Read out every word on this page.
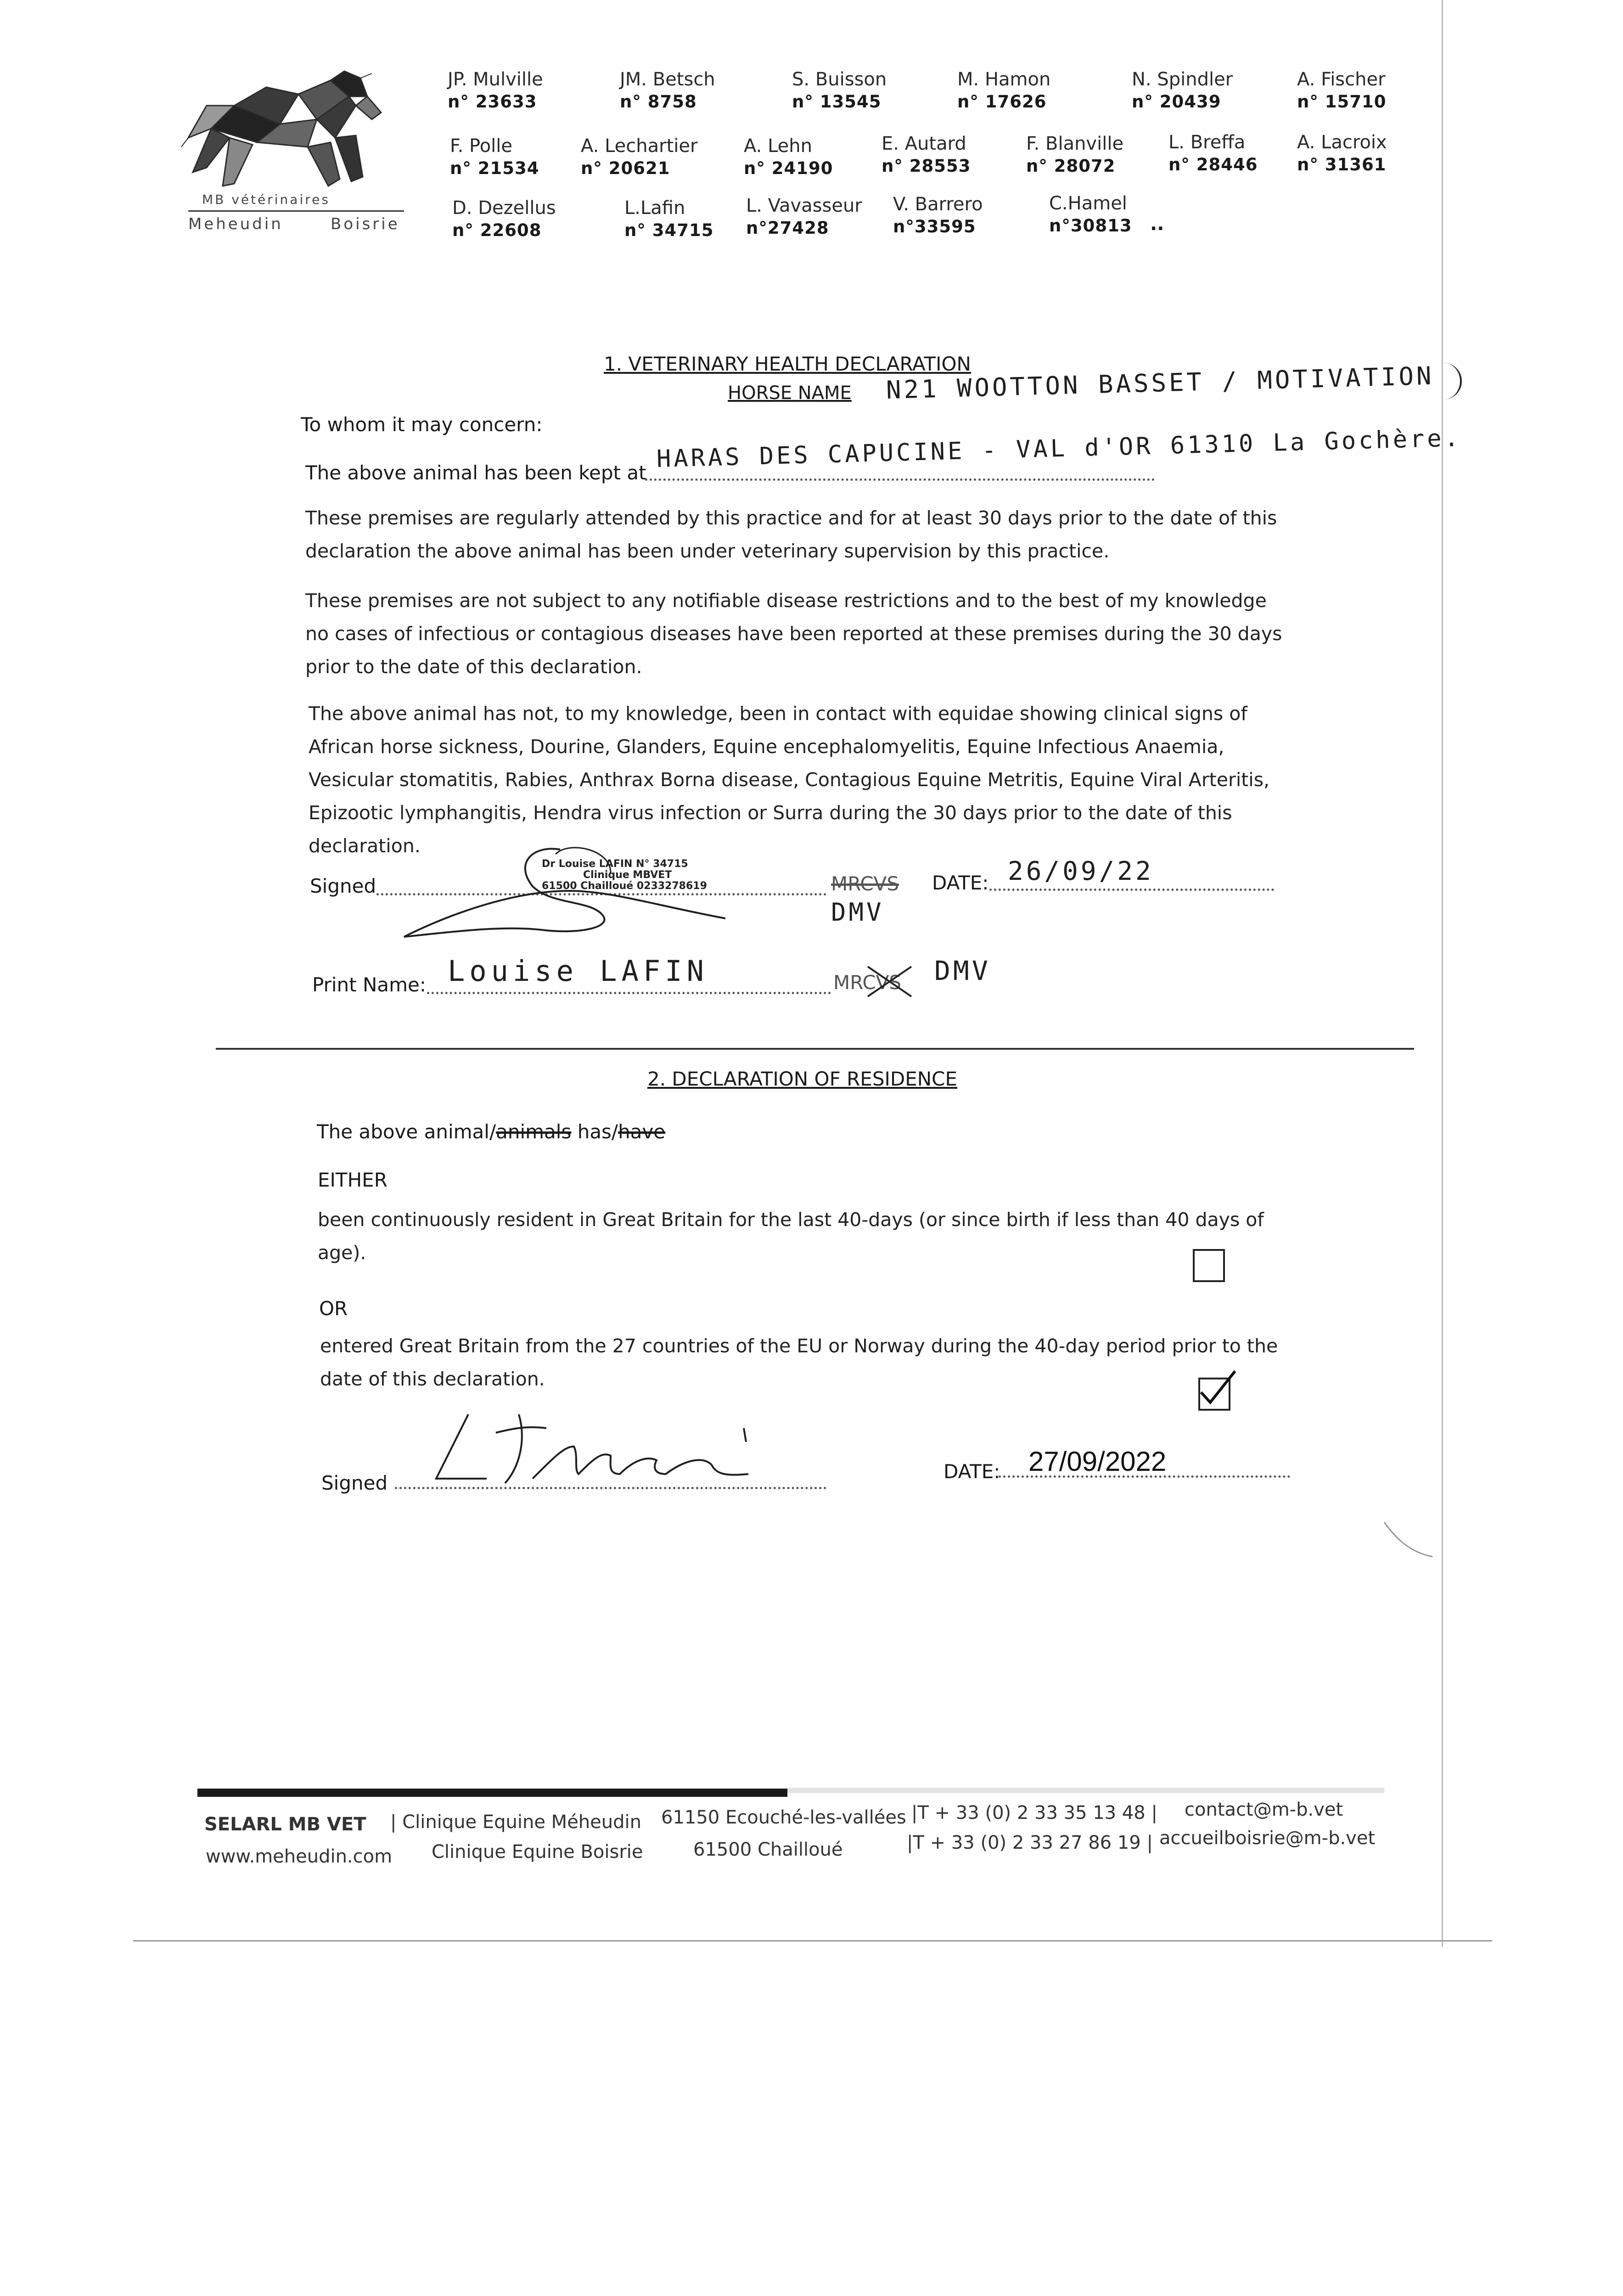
MB vétérinaires
Meheudin	Boisrie
JP. Mulville
n° 23633
JM. Betsch
n° 8758
S. Buisson
n° 13545
M. Hamon
n° 17626
N. Spindler
n° 20439
A. Fischer
n° 15710
F. Polle
n° 21534
A. Lechartier
n° 20621
A. Lehn
n° 24190
E. Autard
n° 28553
F. Blanville
n° 28072
L. Breffa
n° 28446
A. Lacroix
n° 31361
D. Dezellus
n° 22608
L.Lafin
n° 34715
L. Vavasseur
n°27428
V. Barrero
n°33595
C.Hamel
n°30813 ..
1. VETERINARY HEALTH DECLARATION
HORSE NAME N21 WOOTTON BASSET / MOTIVATION
To whom it may concern:
The above animal has been kept at HARAS DES CAPUCINE - VAL d'OR 61310 La Gochère.
These premises are regularly attended by this practice and for at least 30 days prior to the date of this declaration the above animal has been under veterinary supervision by this practice.
These premises are not subject to any notifiable disease restrictions and to the best of my knowledge no cases of infectious or contagious diseases have been reported at these premises during the 30 days prior to the date of this declaration.
The above animal has not, to my knowledge, been in contact with equidae showing clinical signs of African horse sickness, Dourine, Glanders, Equine encephalomyelitis, Equine Infectious Anaemia, Vesicular stomatitis, Rabies, Anthrax Borna disease, Contagious Equine Metritis, Equine Viral Arteritis, Epizootic lymphangitis, Hendra virus infection or Surra during the 30 days prior to the date of this declaration.
Signed
Dr Louise LAFIN N° 34715
Clinique MBVET
61500 Chailloué 0233278619	MRCVS
DMV
DATE: 26/09/22
Print Name: Louise LAFIN	MRCVS DMV
2. DECLARATION OF RESIDENCE
The above animal/animals has/have
EITHER
been continuously resident in Great Britain for the last 40-days (or since birth if less than 40 days of age).
OR
entered Great Britain from the 27 countries of the EU or Norway during the 40-day period prior to the date of this declaration.
Signed
DATE: 27/09/2022
SELARL MB VET | Clinique Equine Méheudin 61150 Ecouché-les-vallées |T + 33 (0) 2 33 35 13 48 | contact@m-b.vet
www.meheudin.com Clinique Equine Boisrie	61500 Chailloué	|T + 33 (0) 2 33 27 86 19 | accueilboisrie@m-b.vet
